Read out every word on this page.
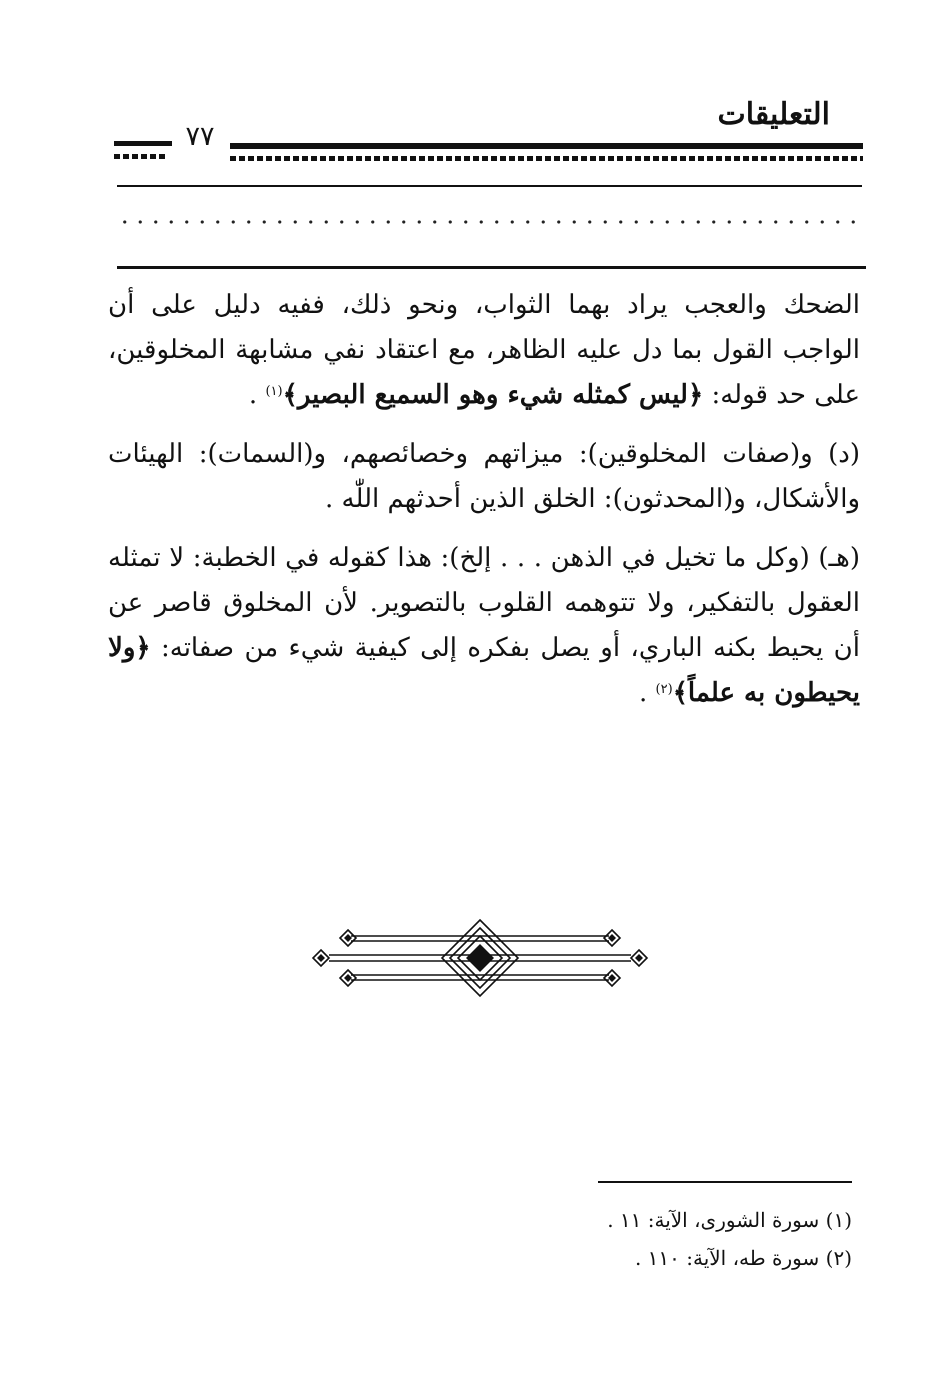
التعليقات
٧٧

الضحك والعجب يراد بهما الثواب، ونحو ذلك، ففيه دليل على أن الواجب القول بما دل عليه الظاهر، مع اعتقاد نفي مشابهة المخلوقين، على حد قوله: ﴿ليس كمثله شيء وهو السميع البصير﴾$^{(١)}$ .

(د) و(صفات المخلوقين): ميزاتهم وخصائصهم، و(السمات): الهيئات والأشكال، و(المحدثون): الخلق الذين أحدثهم اللّٰه .

(هـ) (وكل ما تخيل في الذهن . . . إلخ): هذا كقوله في الخطبة: لا تمثله العقول بالتفكير، ولا تتوهمه القلوب بالتصوير. لأن المخلوق قاصر عن أن يحيط بكنه الباري، أو يصل بفكره إلى كيفية شيء من صفاته: ﴿ولا يحيطون به علماً﴾$^{(٢)}$ .

(١) سورة الشورى، الآية: ١١ .
(٢) سورة طه، الآية: ١١٠ .
